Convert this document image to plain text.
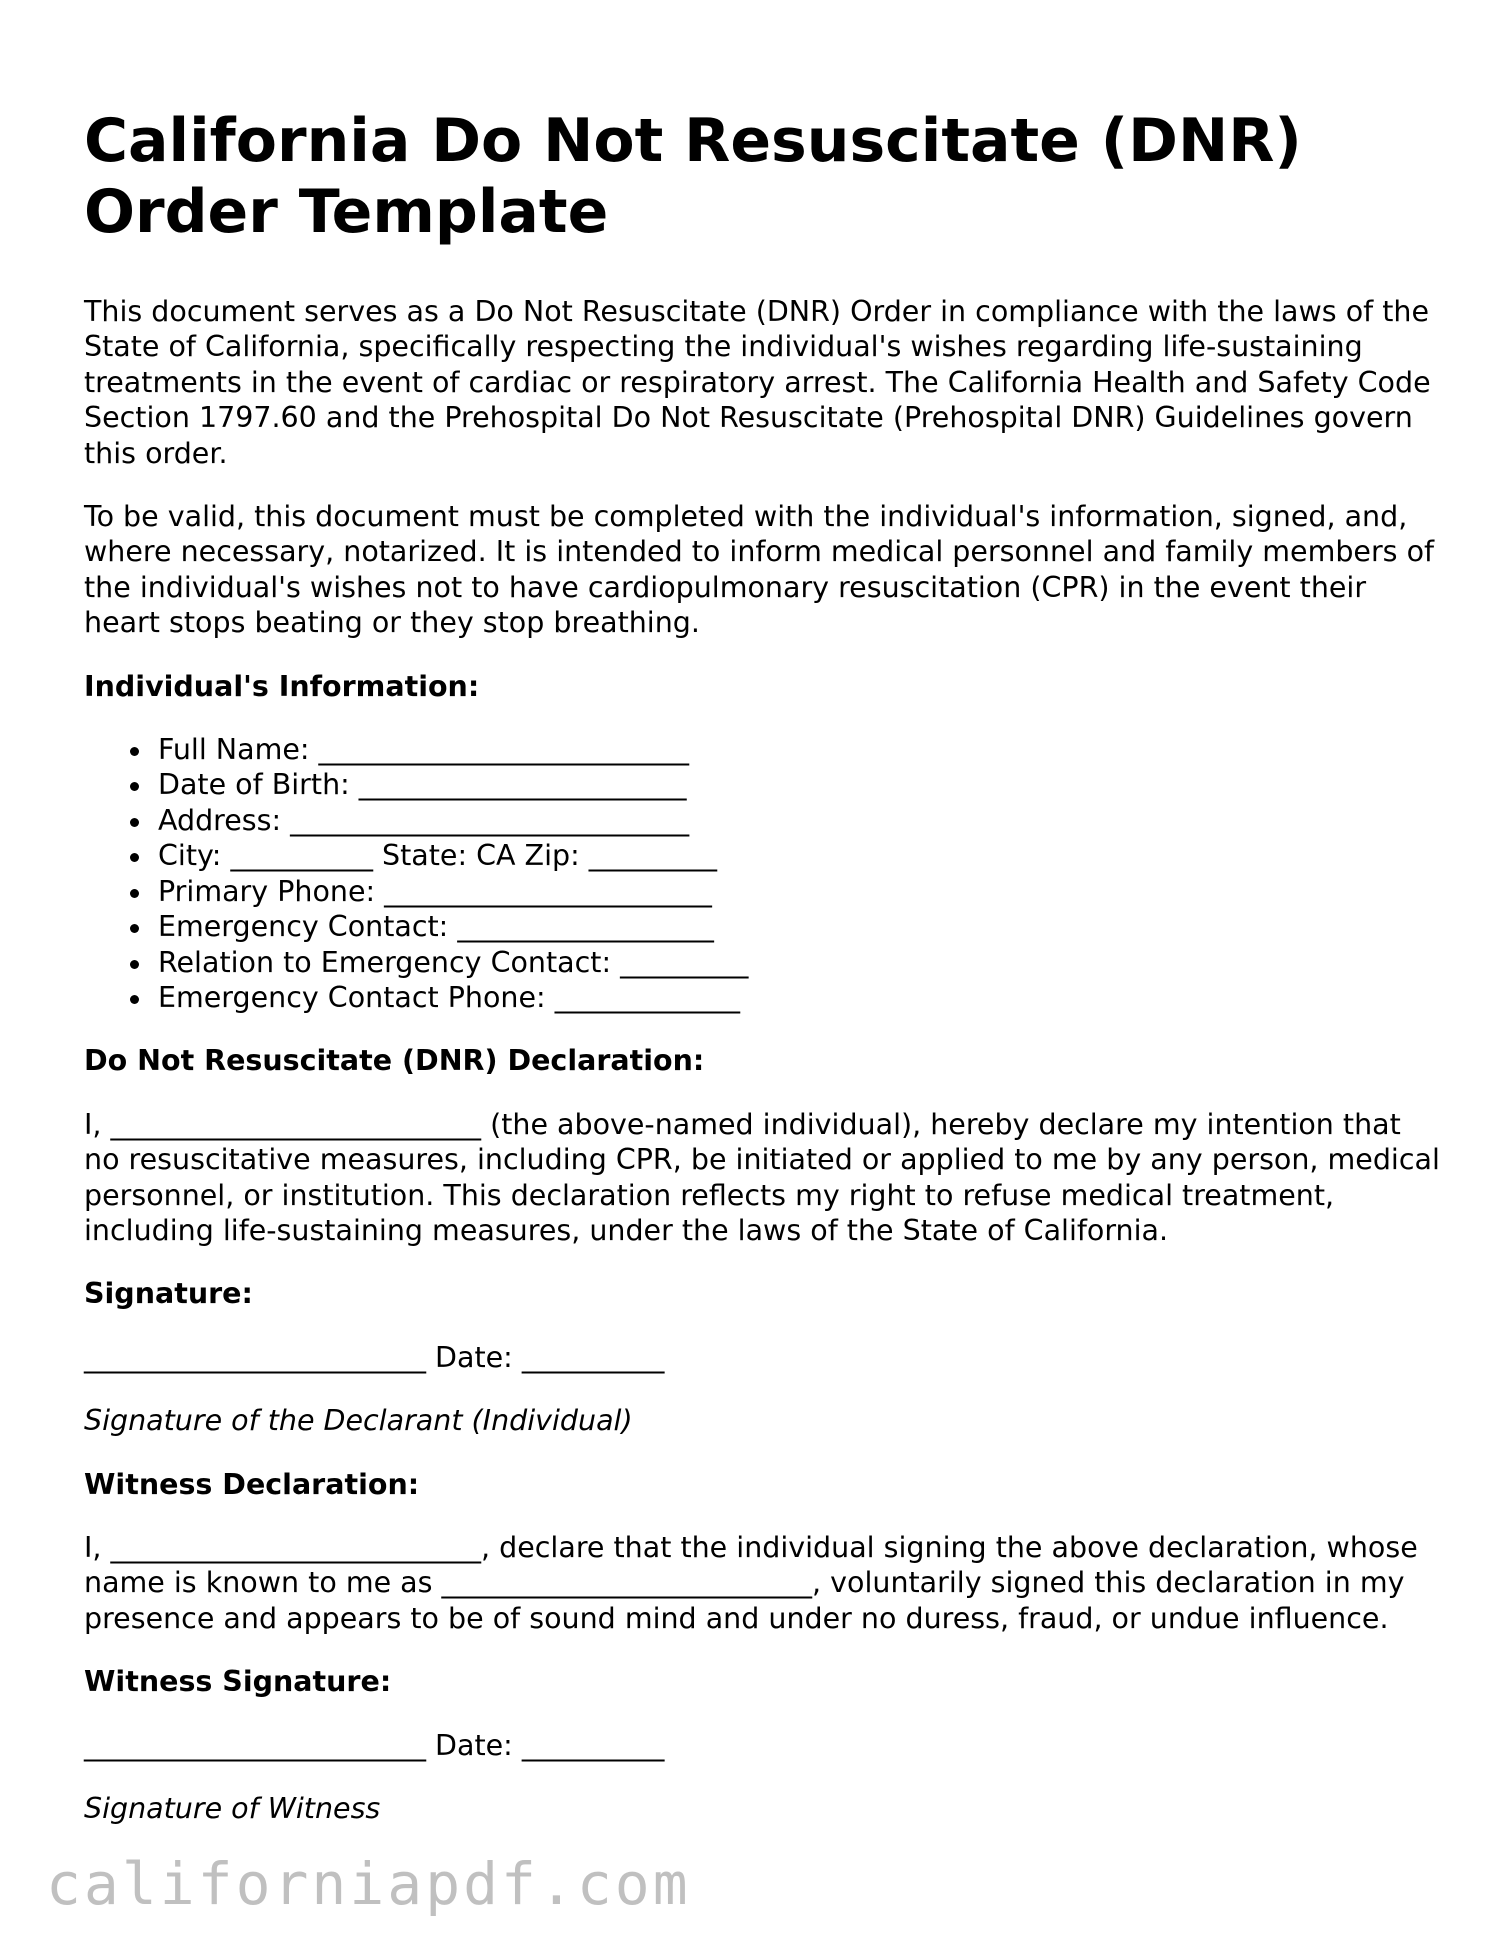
California Do Not Resuscitate (DNR) Order Template

This document serves as a Do Not Resuscitate (DNR) Order in compliance with the laws of the State of California, specifically respecting the individual's wishes regarding life-sustaining treatments in the event of cardiac or respiratory arrest. The California Health and Safety Code Section 1797.60 and the Prehospital Do Not Resuscitate (Prehospital DNR) Guidelines govern this order.

To be valid, this document must be completed with the individual's information, signed, and, where necessary, notarized. It is intended to inform medical personnel and family members of the individual's wishes not to have cardiopulmonary resuscitation (CPR) in the event their heart stops beating or they stop breathing.

Individual's Information:
Full Name: __________________________
Date of Birth: _______________________
Address: ____________________________
City: __________ State: CA Zip: _________
Primary Phone: _______________________
Emergency Contact: __________________
Relation to Emergency Contact: _________
Emergency Contact Phone: _____________
Do Not Resuscitate (DNR) Declaration:

I, __________________________ (the above-named individual), hereby declare my intention that no resuscitative measures, including CPR, be initiated or applied to me by any person, medical personnel, or institution. This declaration reflects my right to refuse medical treatment, including life-sustaining measures, under the laws of the State of California.

Signature:

________________________ Date: __________

Signature of the Declarant (Individual)

Witness Declaration:

I, __________________________, declare that the individual signing the above declaration, whose name is known to me as __________________________, voluntarily signed this declaration in my presence and appears to be of sound mind and under no duress, fraud, or undue influence.

Witness Signature:

________________________ Date: __________

Signature of Witness

californiapdf.com
